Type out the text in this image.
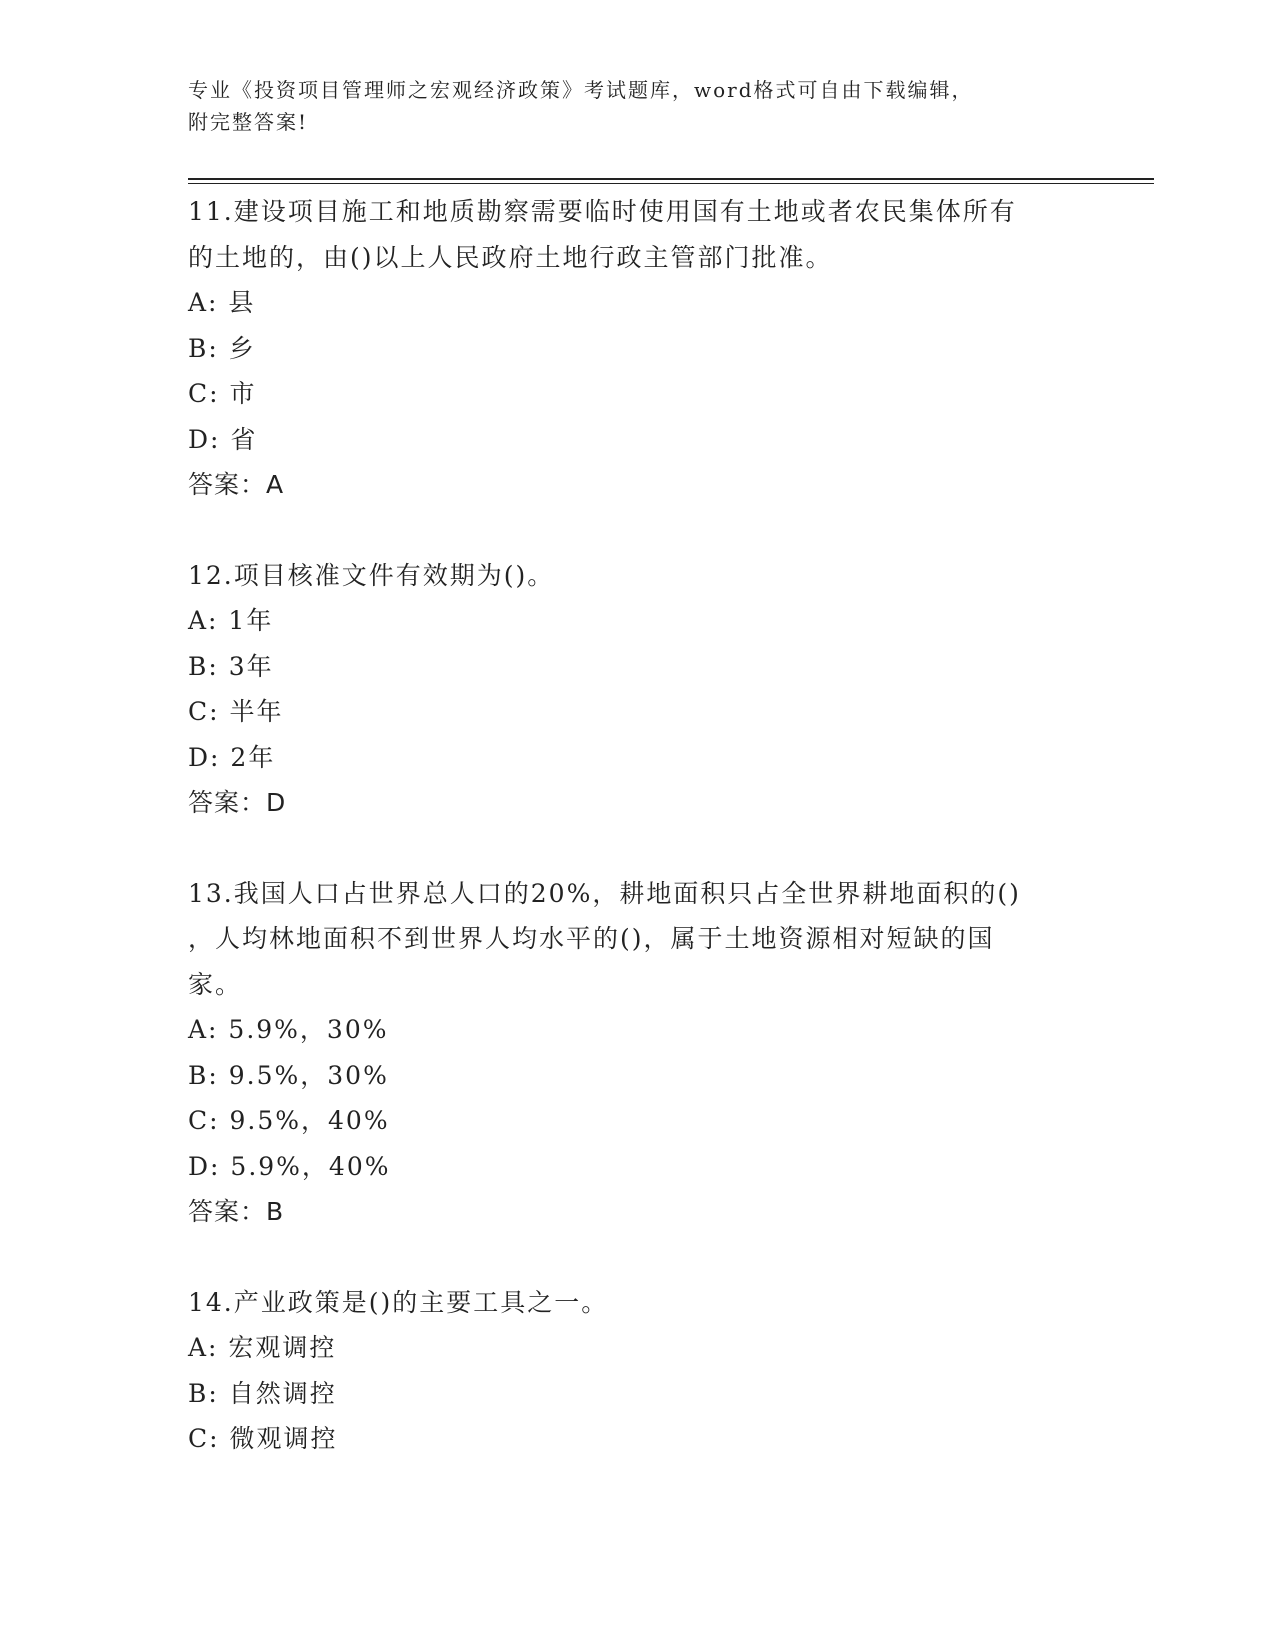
专业《投资项目管理师之宏观经济政策》考试题库，word格式可自由下载编辑，
附完整答案!
11.建设项目施工和地质勘察需要临时使用国有土地或者农民集体所有
的土地的，由()以上人民政府土地行政主管部门批准。
A: 县
B: 乡
C: 市
D: 省
答案：A
12.项目核准文件有效期为()。
A: 1年
B: 3年
C: 半年
D: 2年
答案：D
13.我国人口占世界总人口的20%，耕地面积只占全世界耕地面积的()
，人均林地面积不到世界人均水平的()，属于土地资源相对短缺的国
家。
A: 5.9%，30%
B: 9.5%，30%
C: 9.5%，40%
D: 5.9%，40%
答案：B
14.产业政策是()的主要工具之一。
A: 宏观调控
B: 自然调控
C: 微观调控
